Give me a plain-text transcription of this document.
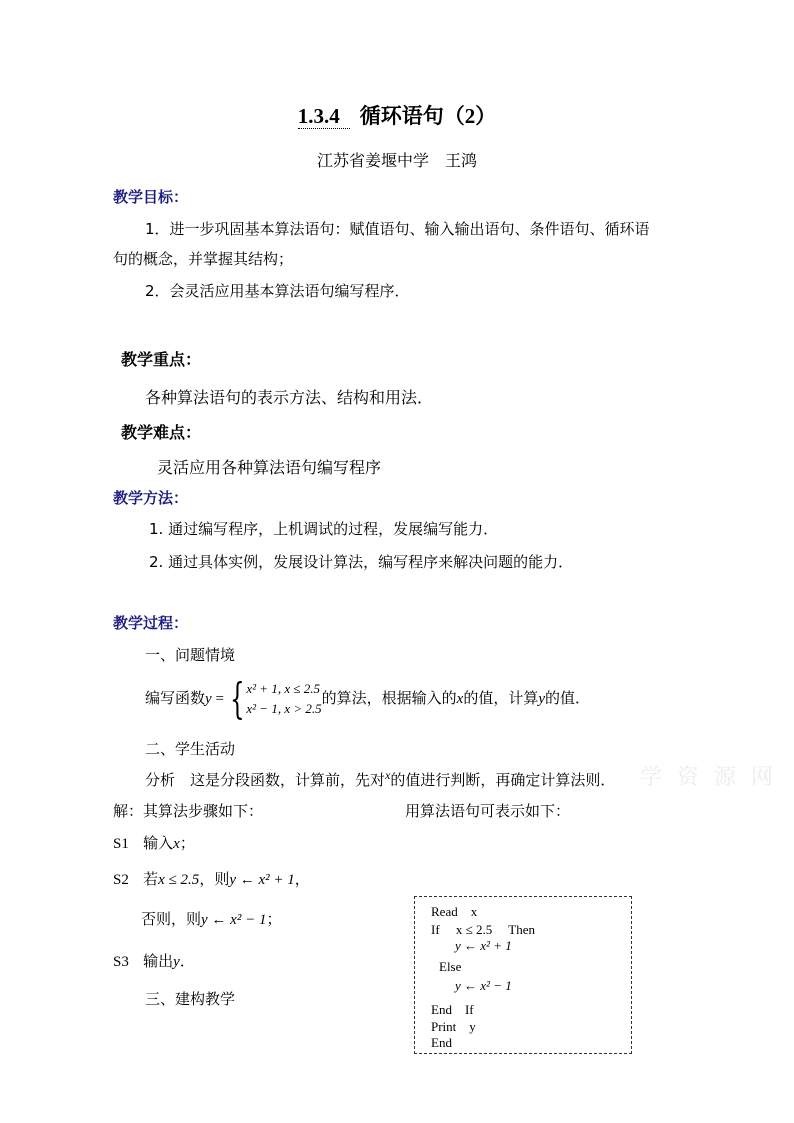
1.3.4 循环语句（2）
江苏省姜堰中学　王鸿
教学目标：
1．进一步巩固基本算法语句：赋值语句、输入输出语句、条件语句、循环语
句的概念，并掌握其结构；
2．会灵活应用基本算法语句编写程序．
教学重点：
各种算法语句的表示方法、结构和用法．
教学难点：
灵活应用各种算法语句编写程序
教学方法：
1. 通过编写程序，上机调试的过程，发展编写能力．
2. 通过具体实例，发展设计算法，编写程序来解决问题的能力．
教学过程：
一、问题情境
编写函数y = { x² + 1, x ≤ 2.5
x² − 1, x > 2.5
的算法，根据输入的x的值，计算y的值．
二、学生活动
分析　这是分段函数，计算前，先对$^x$的值进行判断，再确定计算法则． 学 资 源 网
解：其算法步骤如下：	用算法语句可表示如下：
S1 输入x；
S2 若x ≤ 2.5，则y ← x² + 1，
否则，则y ← x² − 1；
S3 输出y．
三、建构教学
Read　x
If　 x ≤ 2.5　 Then
y ← x² + 1
Else
y ← x² − 1
End　If
Print　y
End
